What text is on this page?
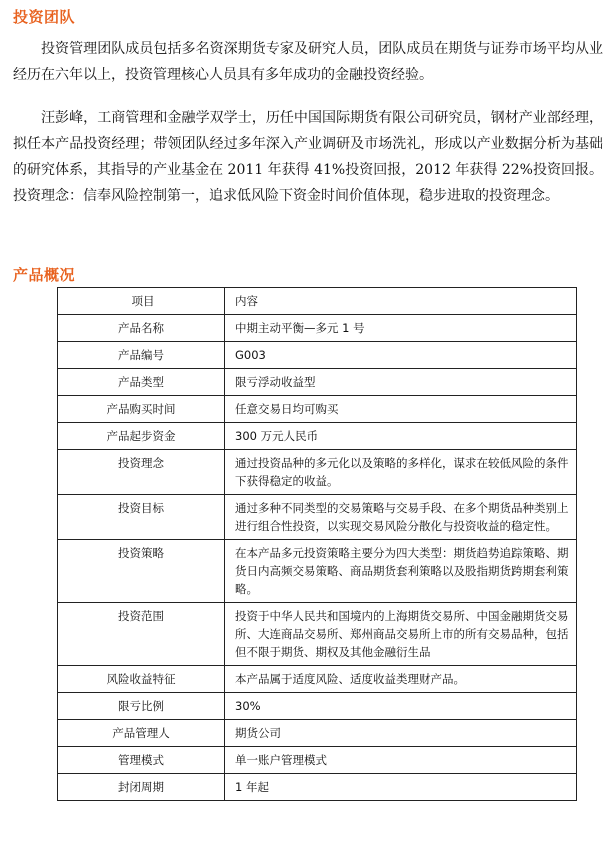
投资团队

投资管理团队成员包括多名资深期货专家及研究人员，团队成员在期货与证券市场平均从业经历在六年以上，投资管理核心人员具有多年成功的金融投资经验。

汪彭峰，工商管理和金融学双学士，历任中国国际期货有限公司研究员，钢材产业部经理，拟任本产品投资经理；带领团队经过多年深入产业调研及市场洗礼，形成以产业数据分析为基础的研究体系，其指导的产业基金在 2011 年获得 41%投资回报，2012 年获得 22%投资回报。投资理念：信奉风险控制第一，追求低风险下资金时间价值体现，稳步进取的投资理念。

产品概况
项目	内容
产品名称	中期主动平衡—多元 1 号
产品编号	G003
产品类型	限亏浮动收益型
产品购买时间	任意交易日均可购买
产品起步资金	300 万元人民币
投资理念	通过投资品种的多元化以及策略的多样化，谋求在较低风险的条件下获得稳定的收益。
投资目标	通过多种不同类型的交易策略与交易手段、在多个期货品种类别上进行组合性投资，以实现交易风险分散化与投资收益的稳定性。
投资策略	在本产品多元投资策略主要分为四大类型：期货趋势追踪策略、期货日内高频交易策略、商品期货套利策略以及股指期货跨期套利策略。
投资范围	投资于中华人民共和国境内的上海期货交易所、中国金融期货交易所、大连商品交易所、郑州商品交易所上市的所有交易品种，包括但不限于期货、期权及其他金融衍生品
风险收益特征	本产品属于适度风险、适度收益类理财产品。
限亏比例	30%
产品管理人	期货公司
管理模式	单一账户管理模式
封闭周期	1 年起
